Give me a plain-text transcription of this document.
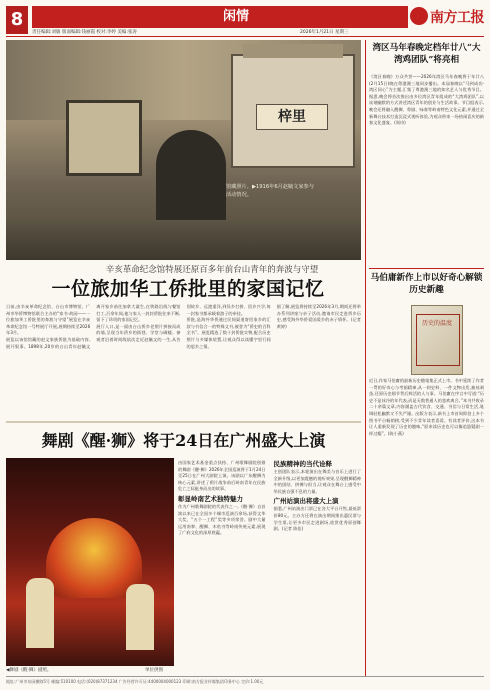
8	闲情
责任编辑:刘敏 版面编辑:钱丽霞 校对:李婷 美编:张涛	2026年1月21日 星期三
南方工报
梓里
馆藏照片。▶1916年6月赵毓文家参与活动情况。
辛亥革命纪念馆特展还原百多年前台山青年的奔波与守望
一位旅加华工侨批里的家国记忆

日前,由辛亥革命纪念馆、台山市博物馆、广州市华侨博物馆联合主办的“家书·故园——一位旅加华工侨批里的奔波与守望”展览在辛亥革命纪念馆一号特展厅开展,展期持续至2026年3月。

展览以该馆馆藏的赵文家族侨批为基础内容,展开叙事。1898年,20岁的台山青年赵毓文离开家乡前往加拿大谋生,在铁路沿线与餐馆打工,百余年间,他与家人一封封侨批往来不断,留下了珍贵的家国记忆。

展厅入口,是一面由台山侨乡老照片拼接而成的墙,呈现当年侨乡的街巷、学堂与碉楼。参观者沿着时间线依次走近赵毓文的一生,从告别故乡、远渡重洋,到异乡打拼、回乡兴学,每一封家书都承载着游子的牵挂。

侨批,是海外华侨通过民间渠道寄回家乡的汇款与书信合一的特殊文书,被誉为“侨史的百科全书”。展览精选了数十封侨批实物,配合历史照片与多媒体装置,让观众得以读懂字里行间的思乡之情。

据了解,展览将持续至2026年3月,期间还将举办系列讲座与亲子活动,邀请市民走进侨乡历史,感受海外华侨爱国爱乡的赤子情怀。(记者 黄婷)

舞剧《醒·狮》将于24日在广州盛大上演
◀舞剧《醒·狮》剧照。	单位供图

由国家艺术基金重点扶持、广州歌舞剧院创排的舞剧《醒·狮》2026年全国巡演将于1月24日至25日在广州大剧院上演。该剧以广东醒狮为核心元素,讲述了鸦片战争前后岭南青年在民族危亡之际挺身而出的故事。

彰显岭南艺术独特魅力

作为广州歌舞剧院的代表作之一,《醒·狮》自首演以来已在全国多个城市巡演百余场,获得文华大奖、“五个一工程”奖等多项荣誉。剧中大量运用南拳、醒狮、木鱼书等岭南传统元素,展现了广府文化的深厚底蕴。

民族精神的当代诠释

主创团队表示,本轮演出在舞美与音乐上进行了全新升级,以更加震撼的视听效果,呈现醒狮精神中的团结、拼搏与担当,让观众在舞台上感受中华民族自强不息的力量。

广州站演出将盛大上演

据悉,广州站演出门票已在各大平台开售,最低票价80元。主办方还将在演出期间推出惠民票与学生票,让更多市民走进剧场,欣赏优秀原创舞剧。(记者 陈佳)

湾区马年春晚定档年廿八“大湾鸡团队”将亮相

《湾区春晚》万众共赏——2026年湾区马年春晚将于年廿八(2月15日)晚在粤港澳三地同步播出。本届春晚以“马到成功·湾区同心”为主题,汇集了粤港澳三地的知名艺人与优秀节目。据悉,晚会将首次推出由多位湾区青年组成的“大湾鸡团队”,以诙谐幽默的方式讲述湾区青年的创业与生活故事。节目组表示,晚会还将融入醒狮、粤剧、咏春等岭南特色文化元素,并通过全新舞台技术打造沉浸式视听体验,为观众带来一场热闹喜庆的新春文化盛宴。(周诗)

马伯庸新作上市以好奇心解锁历史新趣
历史的温度

近日,作家马伯庸的最新历史随笔集正式上市。书中延续了作者一贯的好奇心与考据精神,从一则史料、一件文物出发,抽丝剥茧,还原历史细节背后鲜活的人与事。马伯庸在序言中写道:“历史不是冰冷的年代表,而是无数普通人的悲欢离合。”本书共收录二十余篇文章,内容涵盖古代饮食、交通、书信与日常生活,笔调轻松幽默又不失严谨。出版方表示,新书上市首周即登上多个图书平台畅销榜,受到不少青年读者喜爱。有读者评价,这本书让人重新发现了历史的趣味,“原来读历史也可以像追悬疑剧一样过瘾”。(陈小燕)

地址:广州市东园横路5号 邮编:510100 电话:(020)87371234 广告经营许可证:4400004000123 印刷:南方报业传媒集团印务中心 定价:1.00元
